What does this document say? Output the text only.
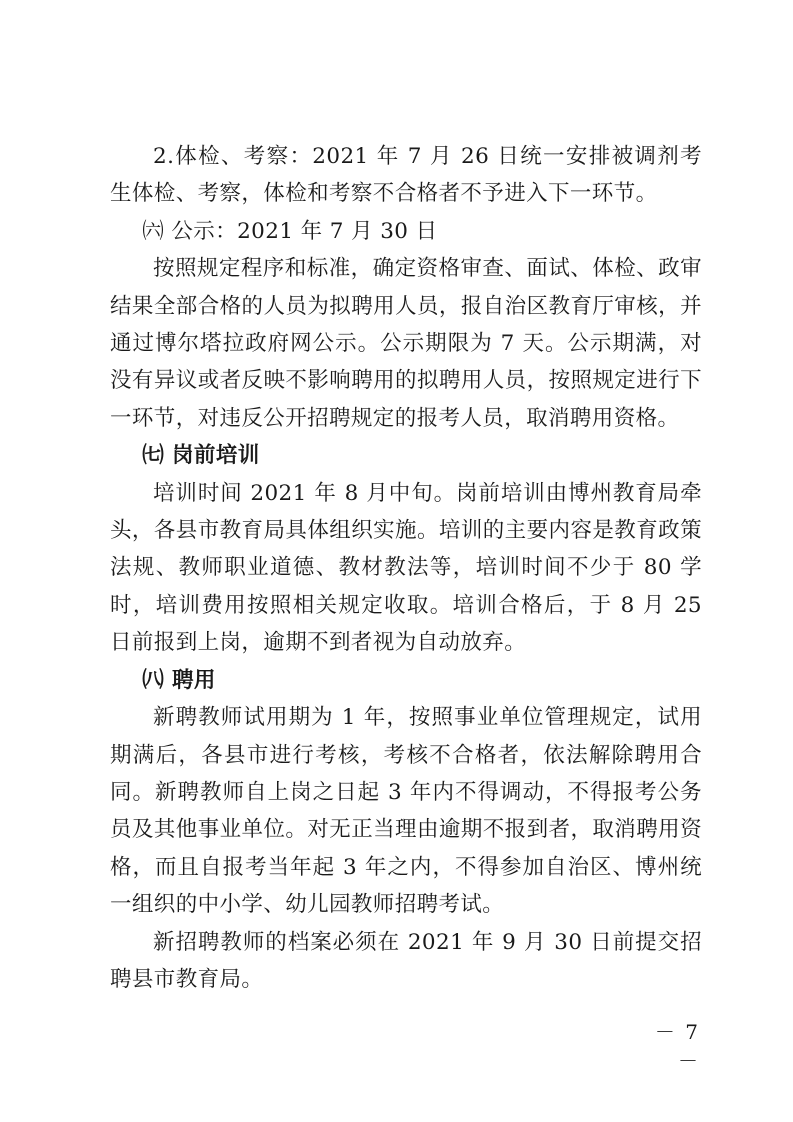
2.体检、考察：2021 年 7 月 26 日统一安排被调剂考生体检、考察，体检和考察不合格者不予进入下一环节。

㈥ 公示：2021 年 7 月 30 日

按照规定程序和标准，确定资格审查、面试、体检、政审结果全部合格的人员为拟聘用人员，报自治区教育厅审核，并通过博尔塔拉政府网公示。公示期限为 7 天。公示期满，对没有异议或者反映不影响聘用的拟聘用人员，按照规定进行下一环节，对违反公开招聘规定的报考人员，取消聘用资格。

㈦ 岗前培训

培训时间 2021 年 8 月中旬。岗前培训由博州教育局牵头，各县市教育局具体组织实施。培训的主要内容是教育政策法规、教师职业道德、教材教法等，培训时间不少于 80 学时，培训费用按照相关规定收取。培训合格后，于 8 月 25 日前报到上岗，逾期不到者视为自动放弃。

㈧ 聘用

新聘教师试用期为 1 年，按照事业单位管理规定，试用期满后，各县市进行考核，考核不合格者，依法解除聘用合同。新聘教师自上岗之日起 3 年内不得调动，不得报考公务员及其他事业单位。对无正当理由逾期不报到者，取消聘用资格，而且自报考当年起 3 年之内，不得参加自治区、博州统一组织的中小学、幼儿园教师招聘考试。

新招聘教师的档案必须在 2021 年 9 月 30 日前提交招聘县市教育局。

－ 7 －
